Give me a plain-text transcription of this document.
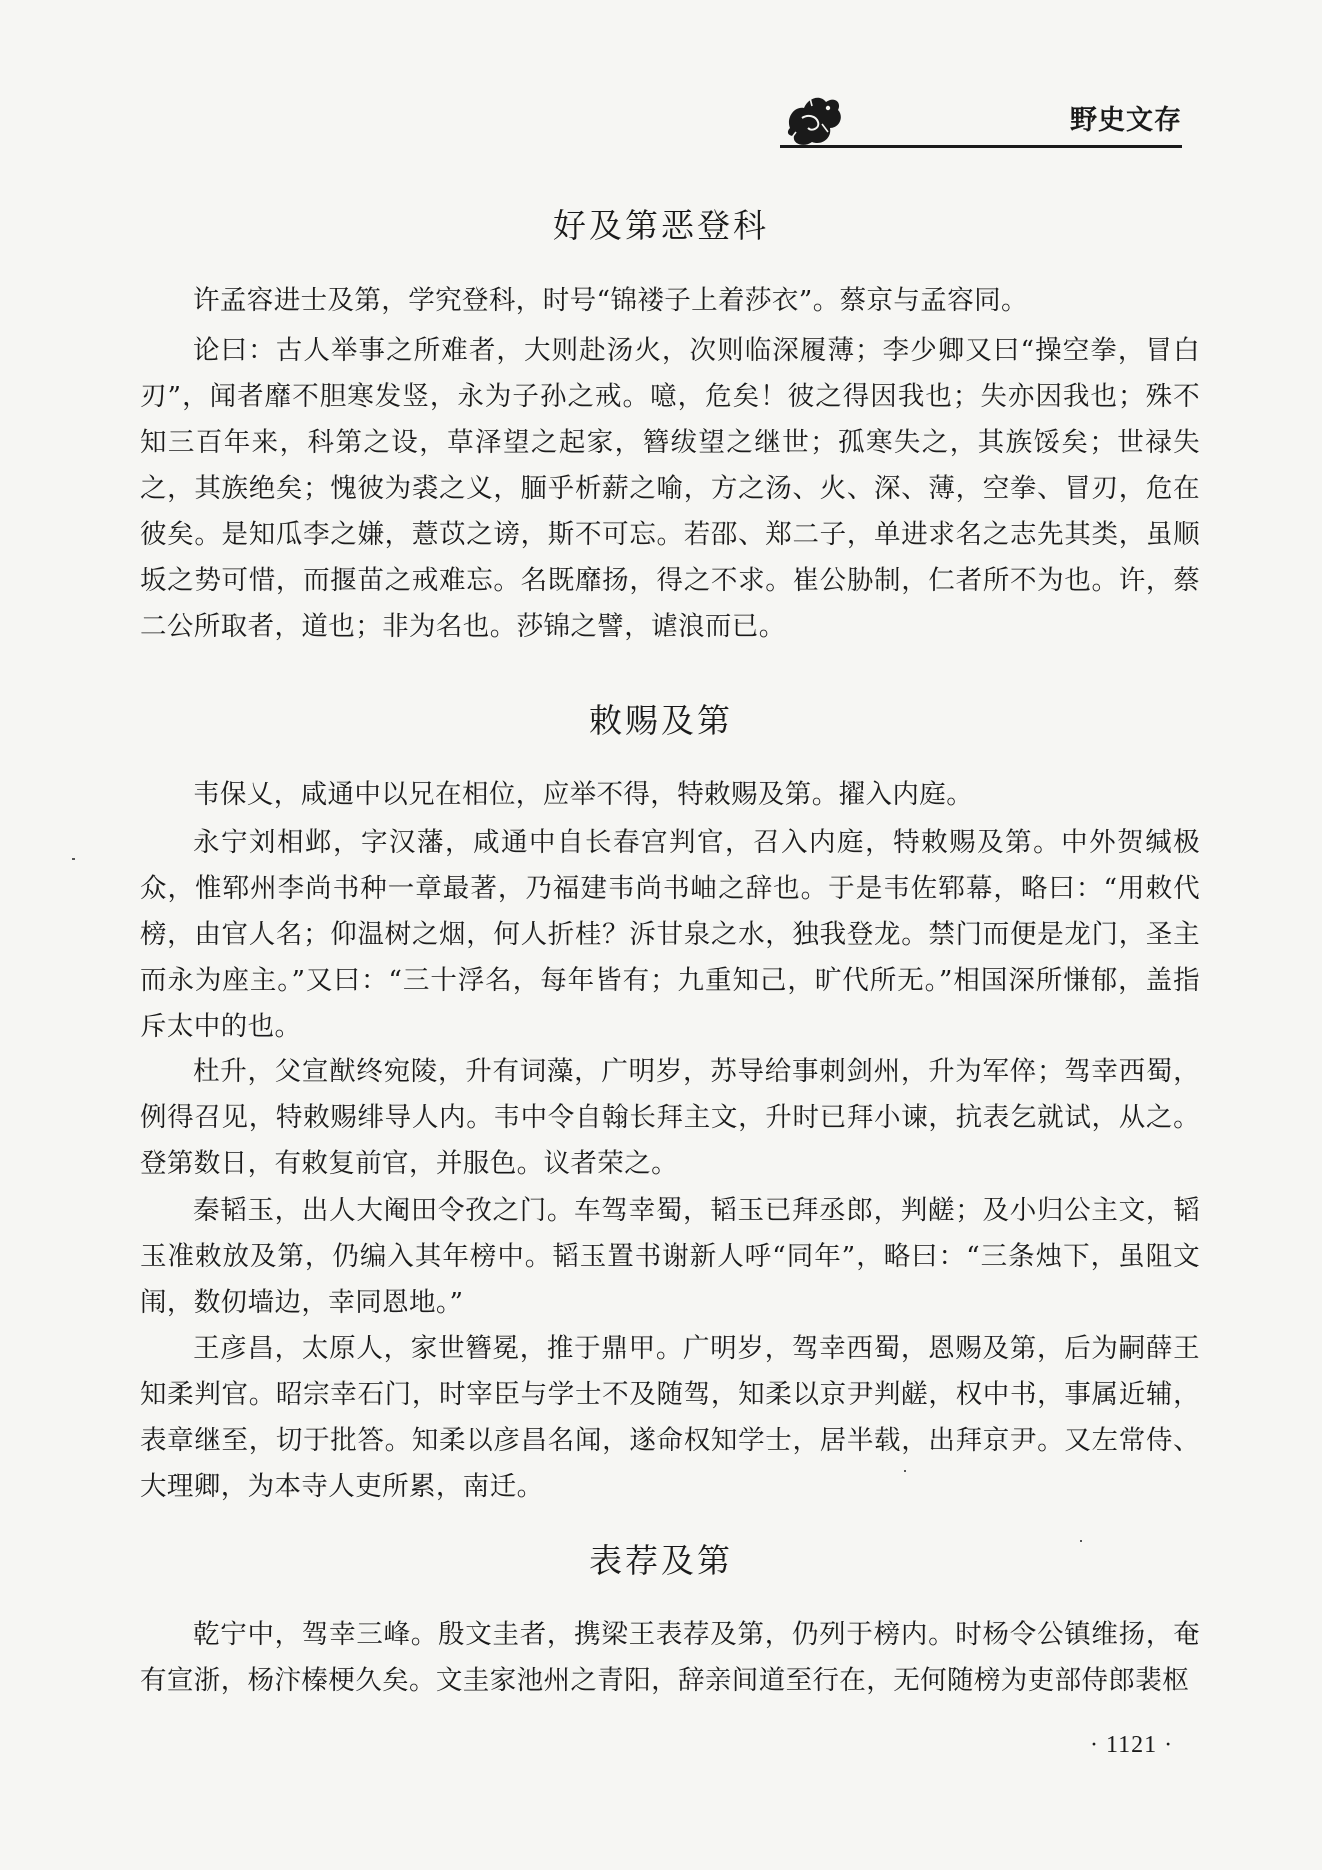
野史文存
好及第恶登科

许孟容进士及第，学究登科，时号“锦褛子上着莎衣”。蔡京与孟容同。

论曰：古人举事之所难者，大则赴汤火，次则临深履薄；李少卿又曰“操空拳，冒白刃”，闻者靡不胆寒发竖，永为子孙之戒。噫，危矣！彼之得因我也；失亦因我也；殊不知三百年来，科第之设，草泽望之起家，簪绂望之继世；孤寒失之，其族馁矣；世禄失之，其族绝矣；愧彼为裘之义，腼乎析薪之喻，方之汤、火、深、薄，空拳、冒刃，危在彼矣。是知瓜李之嫌，薏苡之谤，斯不可忘。若邵、郑二子，单进求名之志先其类，虽顺坂之势可惜，而揠苗之戒难忘。名既靡扬，得之不求。崔公胁制，仁者所不为也。许，蔡二公所取者，道也；非为名也。莎锦之譬，谑浪而已。

敕赐及第

韦保乂，咸通中以兄在相位，应举不得，特敕赐及第。擢入内庭。

永宁刘相邺，字汉藩，咸通中自长春宫判官，召入内庭，特敕赐及第。中外贺缄极众，惟郓州李尚书种一章最著，乃福建韦尚书岫之辞也。于是韦佐郓幕，略曰：“用敕代榜，由官人名；仰温树之烟，何人折桂？泝甘泉之水，独我登龙。禁门而便是龙门，圣主而永为座主。”又曰：“三十浮名，每年皆有；九重知己，旷代所无。”相国深所慊郁，盖指斥太中的也。

杜升，父宣猷终宛陵，升有词藻，广明岁，苏导给事刺剑州，升为军倅；驾幸西蜀，例得召见，特敕赐绯导人内。韦中令自翰长拜主文，升时已拜小谏，抗表乞就试，从之。登第数日，有敕复前官，并服色。议者荣之。

秦韬玉，出人大阉田令孜之门。车驾幸蜀，韬玉已拜丞郎，判鹾；及小归公主文，韬玉准敕放及第，仍编入其年榜中。韬玉置书谢新人呼“同年”，略曰：“三条烛下，虽阻文闱，数仞墙边，幸同恩地。”

王彦昌，太原人，家世簪冕，推于鼎甲。广明岁，驾幸西蜀，恩赐及第，后为嗣薛王知柔判官。昭宗幸石门，时宰臣与学士不及随驾，知柔以京尹判鹾，权中书，事属近辅，表章继至，切于批答。知柔以彦昌名闻，遂命权知学士，居半载，出拜京尹。又左常侍、大理卿，为本寺人吏所累，南迁。

表荐及第

乾宁中，驾幸三峰。殷文圭者，携梁王表荐及第，仍列于榜内。时杨令公镇维扬，奄有宣浙，杨汴榛梗久矣。文圭家池州之青阳，辞亲间道至行在，无何随榜为吏部侍郎裴枢

· 1121 ·
